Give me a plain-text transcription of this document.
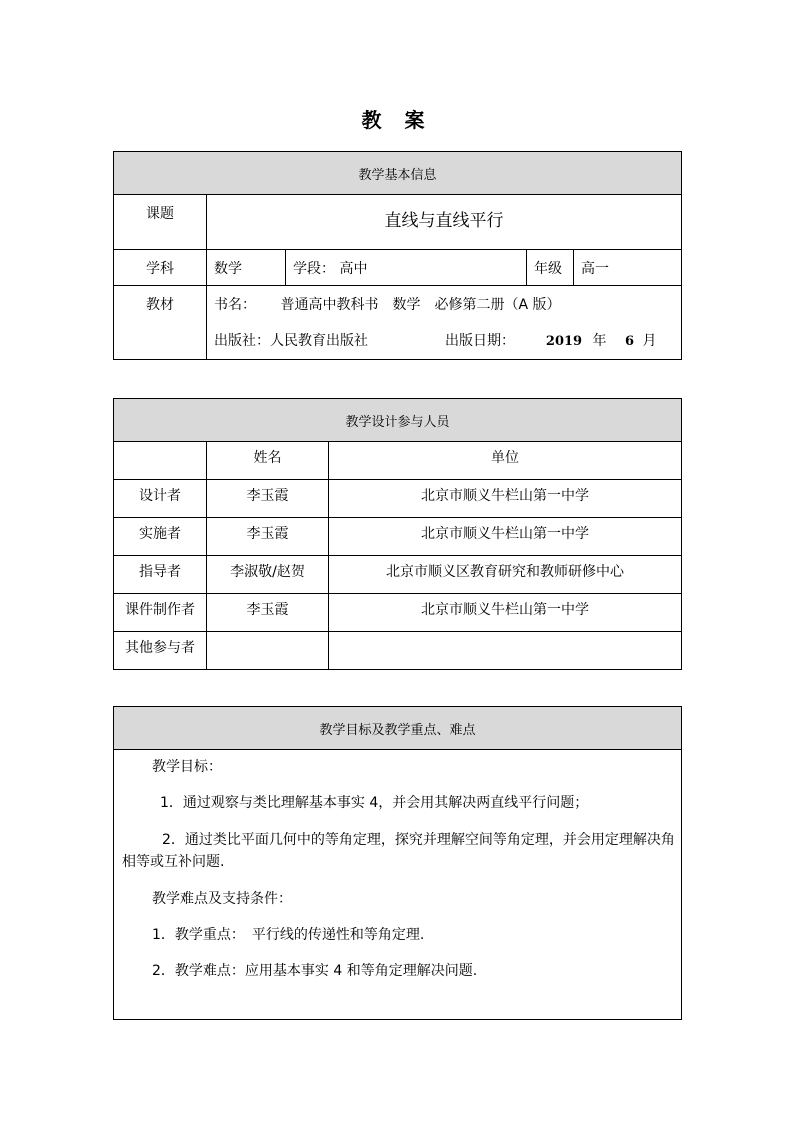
教 案
教学基本信息				
课题	直线与直线平行			
学科	数学	学段： 高中	年级	高一
教材	书名： 普通高中教科书　数学　必修第二册（A 版）
出版社：人民教育出版社 出版日期： 2019 年 6 月			
教学设计参与人员		
	姓名	单位
设计者	李玉霞	北京市顺义牛栏山第一中学
实施者	李玉霞	北京市顺义牛栏山第一中学
指导者	李淑敬/赵贺	北京市顺义区教育研究和教师研修中心
课件制作者	李玉霞	北京市顺义牛栏山第一中学
其他参与者		
教学目标及教学重点、难点

教学目标：

1．通过观察与类比理解基本事实 4，并会用其解决两直线平行问题；

2．通过类比平面几何中的等角定理，探究并理解空间等角定理，并会用定理解决角相等或互补问题.

教学难点及支持条件：

1．教学重点：　平行线的传递性和等角定理.

2．教学难点：应用基本事实 4 和等角定理解决问题.
